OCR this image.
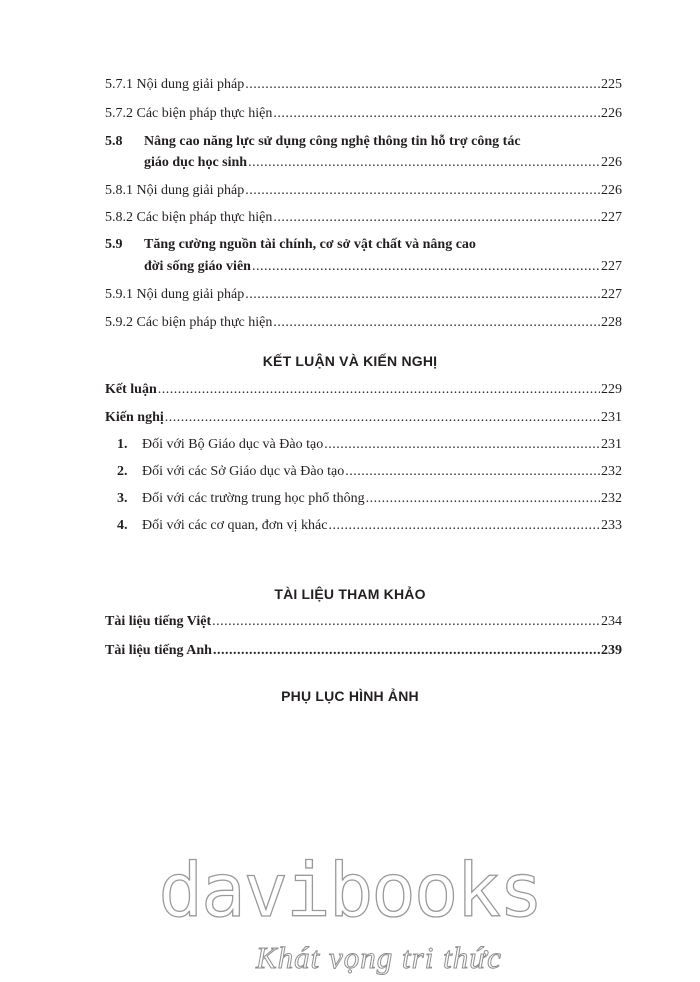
5.7.1 Nội dung giải pháp .....	225
5.7.2 Các biện pháp thực hiện .....	226
5.8 Nâng cao năng lực sử dụng công nghệ thông tin hỗ trợ công tác
giáo dục học sinh .....	226
5.8.1 Nội dung giải pháp .....	226
5.8.2 Các biện pháp thực hiện .....	227
5.9 Tăng cường nguồn tài chính, cơ sở vật chất và nâng cao
đời sống giáo viên .....	227
5.9.1 Nội dung giải pháp .....	227
5.9.2 Các biện pháp thực hiện .....	228
KẾT LUẬN VÀ KIẾN NGHỊ
Kết luận .....	229
Kiến nghị .....	231
1. Đối với Bộ Giáo dục và Đào tạo .....	231
2. Đối với các Sở Giáo dục và Đào tạo .....	232
3. Đối với các trường trung học phổ thông .....	232
4. Đối với các cơ quan, đơn vị khác .....	233
TÀI LIỆU THAM KHẢO
Tài liệu tiếng Việt .....	234
Tài liệu tiếng Anh .....	239
PHỤ LỤC HÌNH ẢNH
davibooks
Khát vọng tri thức
